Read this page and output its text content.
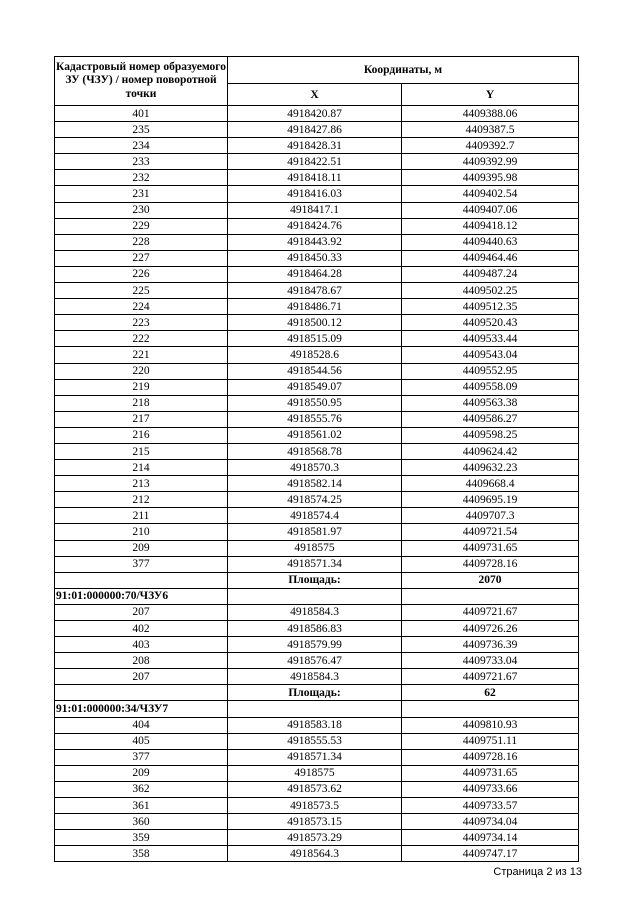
Кадастровый номер образуемого ЗУ (ЧЗУ) / номер поворотной точки	Координаты, м	
	X	Y
401	4918420.87	4409388.06
235	4918427.86	4409387.5
234	4918428.31	4409392.7
233	4918422.51	4409392.99
232	4918418.11	4409395.98
231	4918416.03	4409402.54
230	4918417.1	4409407.06
229	4918424.76	4409418.12
228	4918443.92	4409440.63
227	4918450.33	4409464.46
226	4918464.28	4409487.24
225	4918478.67	4409502.25
224	4918486.71	4409512.35
223	4918500.12	4409520.43
222	4918515.09	4409533.44
221	4918528.6	4409543.04
220	4918544.56	4409552.95
219	4918549.07	4409558.09
218	4918550.95	4409563.38
217	4918555.76	4409586.27
216	4918561.02	4409598.25
215	4918568.78	4409624.42
214	4918570.3	4409632.23
213	4918582.14	4409668.4
212	4918574.25	4409695.19
211	4918574.4	4409707.3
210	4918581.97	4409721.54
209	4918575	4409731.65
377	4918571.34	4409728.16
	Площадь:	2070
91:01:000000:70/ЧЗУ6		
207	4918584.3	4409721.67
402	4918586.83	4409726.26
403	4918579.99	4409736.39
208	4918576.47	4409733.04
207	4918584.3	4409721.67
	Площадь:	62
91:01:000000:34/ЧЗУ7		
404	4918583.18	4409810.93
405	4918555.53	4409751.11
377	4918571.34	4409728.16
209	4918575	4409731.65
362	4918573.62	4409733.66
361	4918573.5	4409733.57
360	4918573.15	4409734.04
359	4918573.29	4409734.14
358	4918564.3	4409747.17
Страница 2 из 13
